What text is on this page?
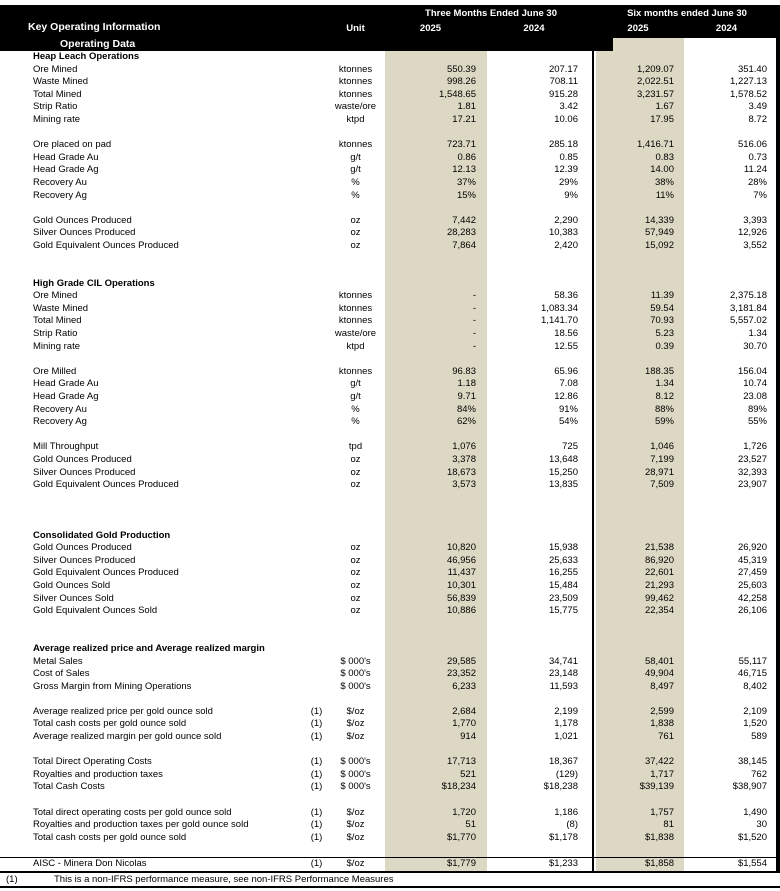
Key Operating Information	Unit
Three Months Ended June 30	Six months ended June 30
2025	2024	2025	2024
Operating Data
Heap Leach Operations
Ore Mined	ktonnes	550.39	207.17	1,209.07	351.40
Waste Mined	ktonnes	998.26	708.11	2,022.51	1,227.13
Total Mined	ktonnes	1,548.65	915.28	3,231.57	1,578.52
Strip Ratio	waste/ore	1.81	3.42	1.67	3.49
Mining rate	ktpd	17.21	10.06	17.95	8.72
Ore placed on pad	ktonnes	723.71	285.18	1,416.71	516.06
Head Grade Au	g/t	0.86	0.85	0.83	0.73
Head Grade Ag	g/t	12.13	12.39	14.00	11.24
Recovery Au	%	37%	29%	38%	28%
Recovery Ag	%	15%	9%	11%	7%
Gold Ounces Produced	oz	7,442	2,290	14,339	3,393
Silver Ounces Produced	oz	28,283	10,383	57,949	12,926
Gold Equivalent Ounces Produced	oz	7,864	2,420	15,092	3,552
High Grade CIL Operations
Ore Mined	ktonnes	-	58.36	11.39	2,375.18
Waste Mined	ktonnes	-	1,083.34	59.54	3,181.84
Total Mined	ktonnes	-	1,141.70	70.93	5,557.02
Strip Ratio	waste/ore	-	18.56	5.23	1.34
Mining rate	ktpd	-	12.55	0.39	30.70
Ore Milled	ktonnes	96.83	65.96	188.35	156.04
Head Grade Au	g/t	1.18	7.08	1.34	10.74
Head Grade Ag	g/t	9.71	12.86	8.12	23.08
Recovery Au	%	84%	91%	88%	89%
Recovery Ag	%	62%	54%	59%	55%
Mill Throughput	tpd	1,076	725	1,046	1,726
Gold Ounces Produced	oz	3,378	13,648	7,199	23,527
Silver Ounces Produced	oz	18,673	15,250	28,971	32,393
Gold Equivalent Ounces Produced	oz	3,573	13,835	7,509	23,907
Consolidated Gold Production
Gold Ounces Produced	oz	10,820	15,938	21,538	26,920
Silver Ounces Produced	oz	46,956	25,633	86,920	45,319
Gold Equivalent Ounces Produced	oz	11,437	16,255	22,601	27,459
Gold Ounces Sold	oz	10,301	15,484	21,293	25,603
Silver Ounces Sold	oz	56,839	23,509	99,462	42,258
Gold Equivalent Ounces Sold	oz	10,886	15,775	22,354	26,106
Average realized price and Average realized margin
Metal Sales	$ 000's	29,585	34,741	58,401	55,117
Cost of Sales	$ 000's	23,352	23,148	49,904	46,715
Gross Margin from Mining Operations	$ 000's	6,233	11,593	8,497	8,402
Average realized price per gold ounce sold	(1)	$/oz	2,684	2,199	2,599	2,109
Total cash costs per gold ounce sold	(1)	$/oz	1,770	1,178	1,838	1,520
Average realized margin per gold ounce sold	(1)	$/oz	914	1,021	761	589
Total Direct Operating Costs	(1)	$ 000's	17,713	18,367	37,422	38,145
Royalties and production taxes	(1)	$ 000's	521	(129)	1,717	762
Total Cash Costs	(1)	$ 000's	$18,234	$18,238	$39,139	$38,907
Total direct operating costs per gold ounce sold	(1)	$/oz	1,720	1,186	1,757	1,490
Royalties and production taxes per gold ounce sold	(1)	$/oz	51	(8)	81	30
Total cash costs per gold ounce sold	(1)	$/oz	$1,770	$1,178	$1,838	$1,520
AISC - Minera Don Nicolas	(1)	$/oz	$1,779	$1,233	$1,858	$1,554
(1)	This is a non-IFRS performance measure, see non-IFRS Performance Measures
